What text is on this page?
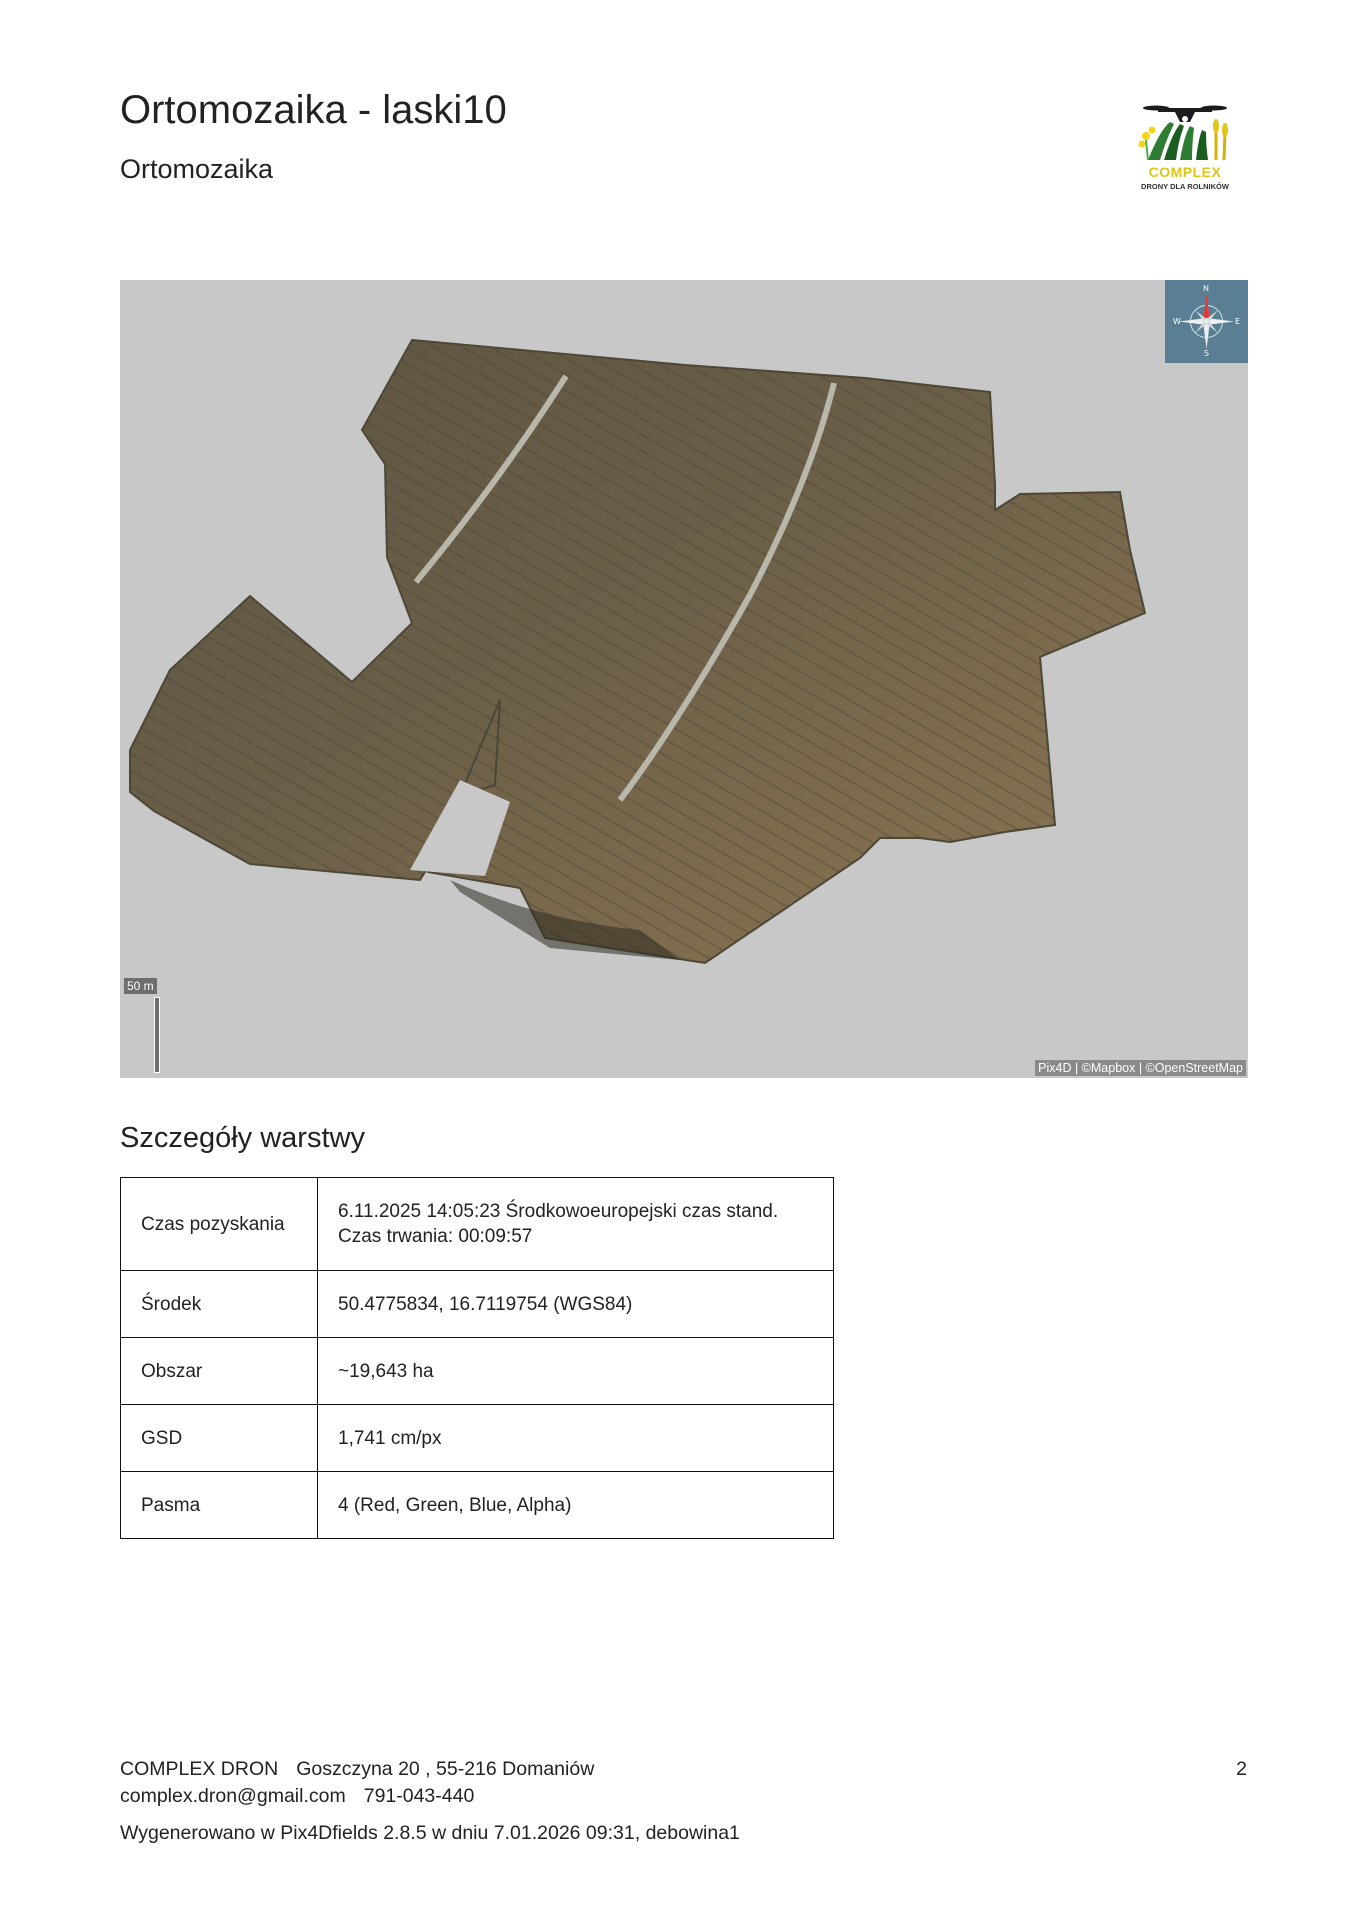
Ortomozaika - laski10
Ortomozaika	COMPLEX
DRONY DLA ROLNIKÓW
N
S
W	E
50 m
Pix4D | ©Mapbox | ©OpenStreetMap
Szczegóły warstwy
Czas pozyskania	6.11.2025 14:05:23 Środkowoeuropejski czas stand.
Czas trwania: 00:09:57

Środek	50.4775834, 16.7119754 (WGS84)
Obszar	~19,643 ha
GSD	1,741 cm/px
Pasma	4 (Red, Green, Blue, Alpha)
COMPLEX DRON Goszczyna 20 , 55-216 Domaniów
complex.dron@gmail.com 791-043-440
Wygenerowano w Pix4Dfields 2.8.5 w dniu 7.01.2026 09:31, debowina1
2
